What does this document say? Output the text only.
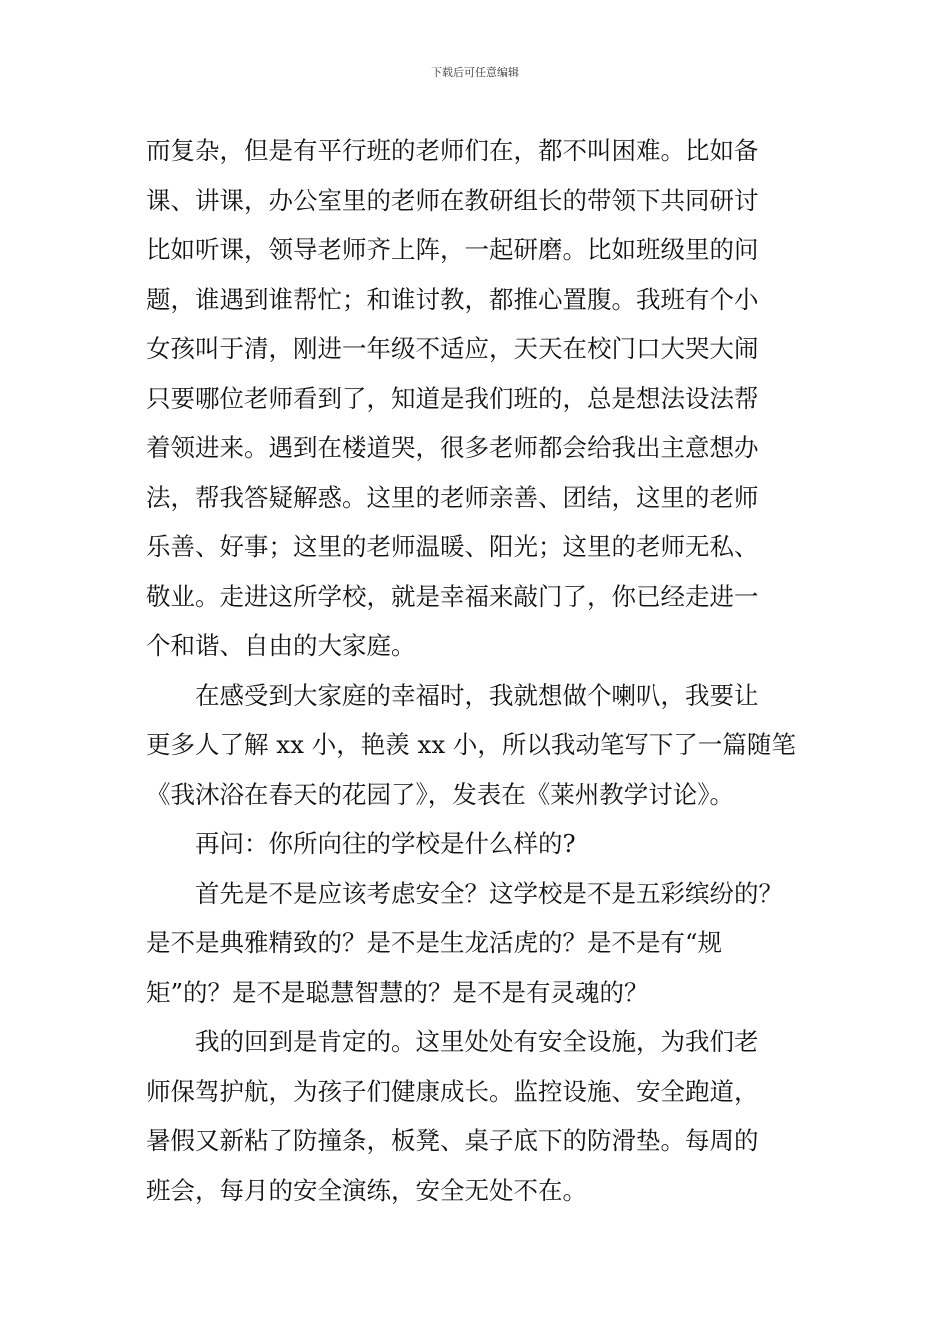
下载后可任意编辑
而复杂，但是有平行班的老师们在，都不叫困难。比如备
课、讲课，办公室里的老师在教研组长的带领下共同研讨
比如听课，领导老师齐上阵，一起研磨。比如班级里的问
题，谁遇到谁帮忙；和谁讨教，都推心置腹。我班有个小
女孩叫于清，刚进一年级不适应，天天在校门口大哭大闹
只要哪位老师看到了，知道是我们班的，总是想法设法帮
着领进来。遇到在楼道哭，很多老师都会给我出主意想办
法，帮我答疑解惑。这里的老师亲善、团结，这里的老师
乐善、好事；这里的老师温暖、阳光；这里的老师无私、
敬业。走进这所学校，就是幸福来敲门了，你已经走进一
个和谐、自由的大家庭。
在感受到大家庭的幸福时，我就想做个喇叭，我要让
更多人了解 xx 小，艳羡 xx 小，所以我动笔写下了一篇随笔
《我沐浴在春天的花园了》，发表在《莱州教学讨论》。
再问：你所向往的学校是什么样的?
首先是不是应该考虑安全？这学校是不是五彩缤纷的？
是不是典雅精致的？是不是生龙活虎的？是不是有“规
矩”的？是不是聪慧智慧的？是不是有灵魂的？
我的回到是肯定的。这里处处有安全设施，为我们老
师保驾护航，为孩子们健康成长。监控设施、安全跑道，
暑假又新粘了防撞条，板凳、桌子底下的防滑垫。每周的
班会，每月的安全演练，安全无处不在。
